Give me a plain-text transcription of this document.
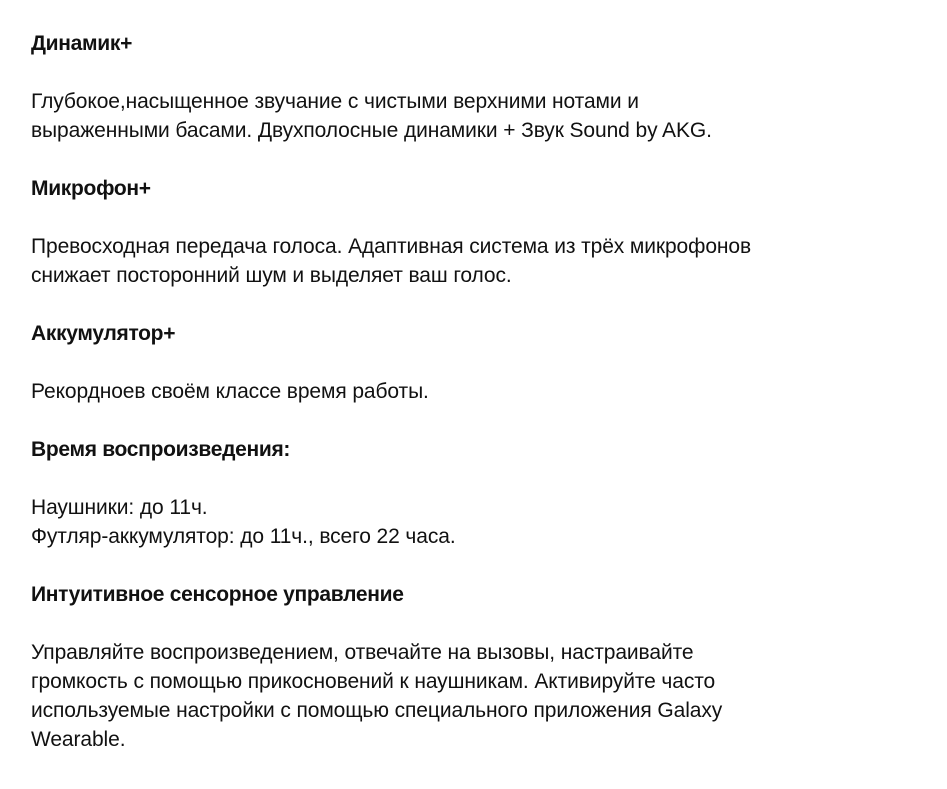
Динамик+
Глубокое,насыщенное звучание с чистыми верхними нотами и
выраженными басами. Двухполосные динамики + Звук Sound by AKG.
Микрофон+
Превосходная передача голоса. Адаптивная система из трёх микрофонов
снижает посторонний шум и выделяет ваш голос.
Аккумулятор+
Рекордноев своём классе время работы.
Время воспроизведения:
Наушники: до 11ч.
Футляр-аккумулятор: до 11ч., всего 22 часа.
Интуитивное сенсорное управление
Управляйте воспроизведением, отвечайте на вызовы, настраивайте
громкость с помощью прикосновений к наушникам. Активируйте часто
используемые настройки с помощью специального приложения Galaxy
Wearable.
